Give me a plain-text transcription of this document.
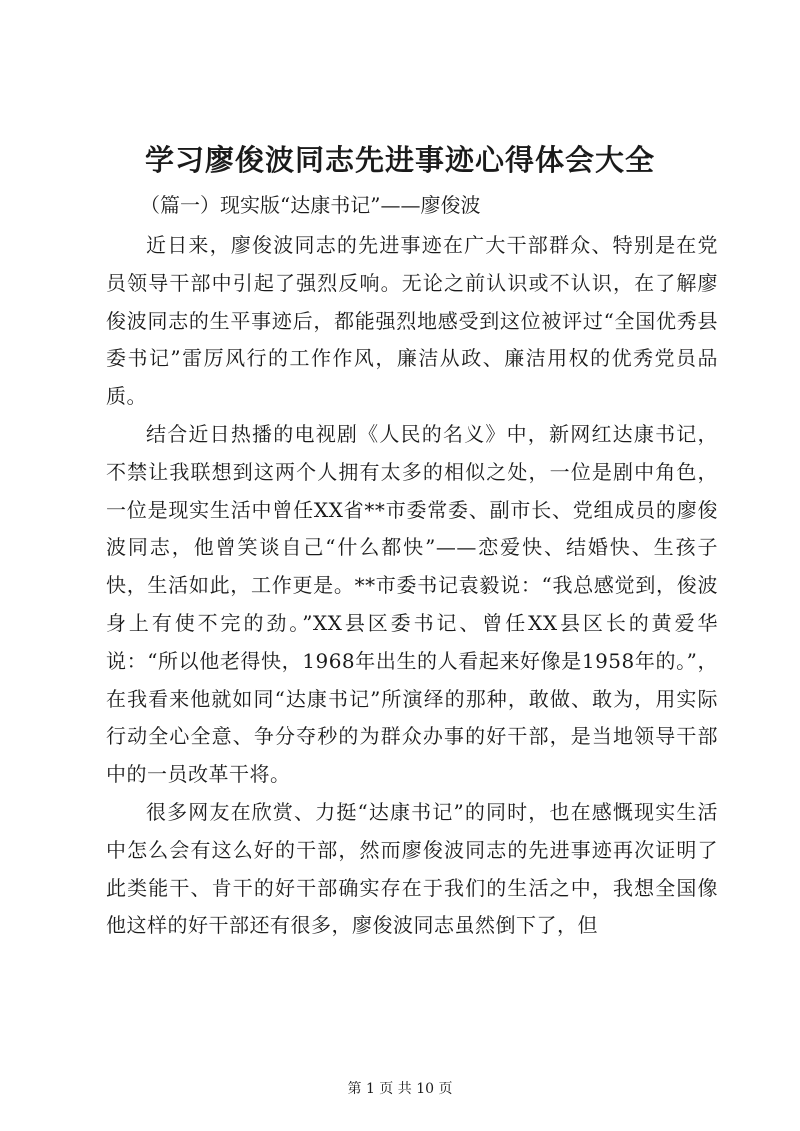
学习廖俊波同志先进事迹心得体会大全
（篇一）现实版“达康书记”——廖俊波

近日来，廖俊波同志的先进事迹在广大干部群众、特别是在党员领导干部中引起了强烈反响。无论之前认识或不认识，在了解廖俊波同志的生平事迹后，都能强烈地感受到这位被评过“全国优秀县委书记”雷厉风行的工作作风，廉洁从政、廉洁用权的优秀党员品质。

结合近日热播的电视剧《人民的名义》中，新网红达康书记，不禁让我联想到这两个人拥有太多的相似之处，一位是剧中角色，一位是现实生活中曾任XX省**市委常委、副市长、党组成员的廖俊波同志，他曾笑谈自己“什么都快”——恋爱快、结婚快、生孩子快，生活如此，工作更是。**市委书记袁毅说：“我总感觉到，俊波身上有使不完的劲。”XX县区委书记、曾任XX县区长的黄爱华说：“所以他老得快，1968年出生的人看起来好像是1958年的。”，在我看来他就如同“达康书记”所演绎的那种，敢做、敢为，用实际行动全心全意、争分夺秒的为群众办事的好干部，是当地领导干部中的一员改革干将。

很多网友在欣赏、力挺“达康书记”的同时，也在感慨现实生活中怎么会有这么好的干部，然而廖俊波同志的先进事迹再次证明了此类能干、肯干的好干部确实存在于我们的生活之中，我想全国像他这样的好干部还有很多，廖俊波同志虽然倒下了，但

第 1 页 共 10 页
